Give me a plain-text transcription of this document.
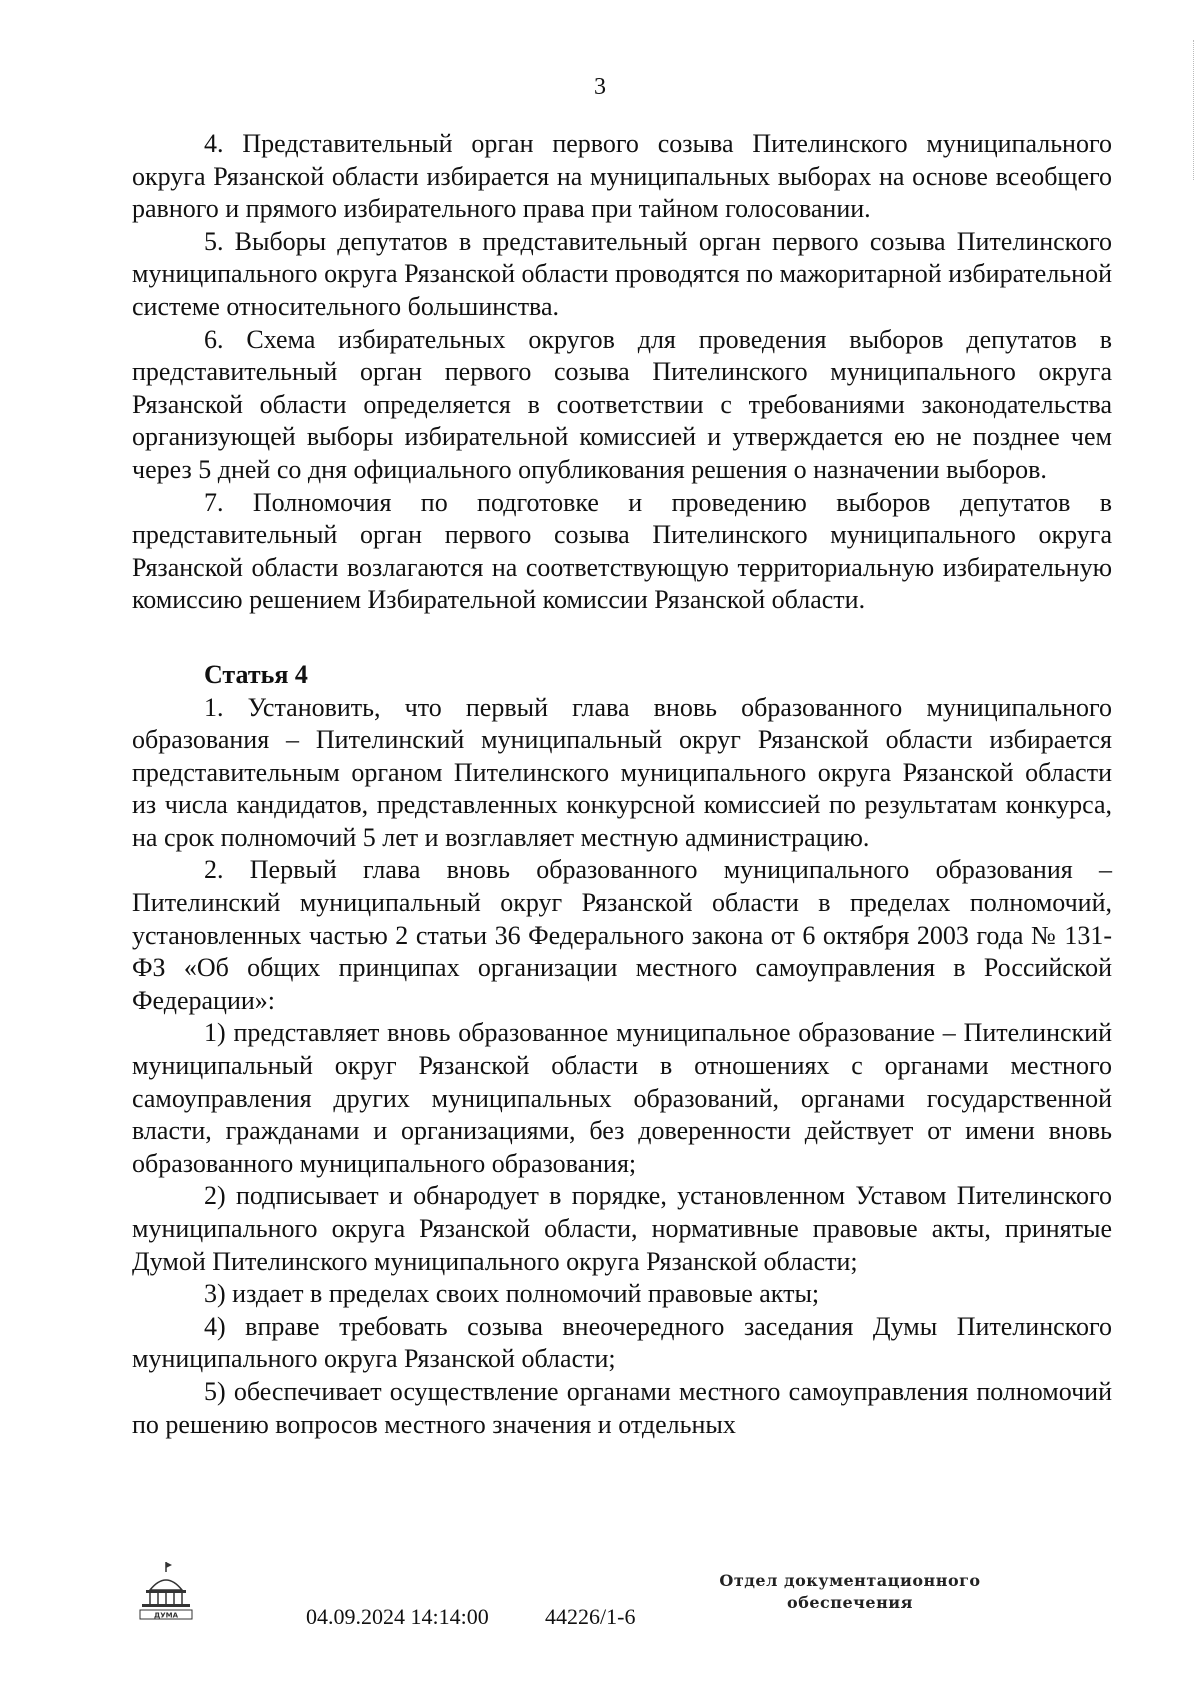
3

4. Представительный орган первого созыва Пителинского муниципального округа Рязанской области избирается на муниципальных выборах на основе всеобщего равного и прямого избирательного права при тайном голосовании.

5. Выборы депутатов в представительный орган первого созыва Пителинского муниципального округа Рязанской области проводятся по мажоритарной избирательной системе относительного большинства.

6. Схема избирательных округов для проведения выборов депутатов в представительный орган первого созыва Пителинского муниципального округа Рязанской области определяется в соответствии с требованиями законодательства организующей выборы избирательной комиссией и утверждается ею не позднее чем через 5 дней со дня официального опубликования решения о назначении выборов.

7. Полномочия по подготовке и проведению выборов депутатов в представительный орган первого созыва Пителинского муниципального округа Рязанской области возлагаются на соответствующую территориальную избирательную комиссию решением Избирательной комиссии Рязанской области.

Статья 4

1. Установить, что первый глава вновь образованного муниципального образования – Пителинский муниципальный округ Рязанской области избирается представительным органом Пителинского муниципального округа Рязанской области из числа кандидатов, представленных конкурсной комиссией по результатам конкурса, на срок полномочий 5 лет и возглавляет местную администрацию.

2. Первый глава вновь образованного муниципального образования – Пителинский муниципальный округ Рязанской области в пределах полномочий, установленных частью 2 статьи 36 Федерального закона от 6 октября 2003 года № 131-ФЗ «Об общих принципах организации местного самоуправления в Российской Федерации»:

1) представляет вновь образованное муниципальное образование – Пителинский муниципальный округ Рязанской области в отношениях с органами местного самоуправления других муниципальных образований, органами государственной власти, гражданами и организациями, без доверенности действует от имени вновь образованного муниципального образования;

2) подписывает и обнародует в порядке, установленном Уставом Пителинского муниципального округа Рязанской области, нормативные правовые акты, принятые Думой Пителинского муниципального округа Рязанской области;

3) издает в пределах своих полномочий правовые акты;

4) вправе требовать созыва внеочередного заседания Думы Пителинского муниципального округа Рязанской области;

5) обеспечивает осуществление органами местного самоуправления полномочий по решению вопросов местного значения и отдельных

ДУМА	04.09.2024 14:14:00	44226/1-6
Отдел документационного
обеспечения
